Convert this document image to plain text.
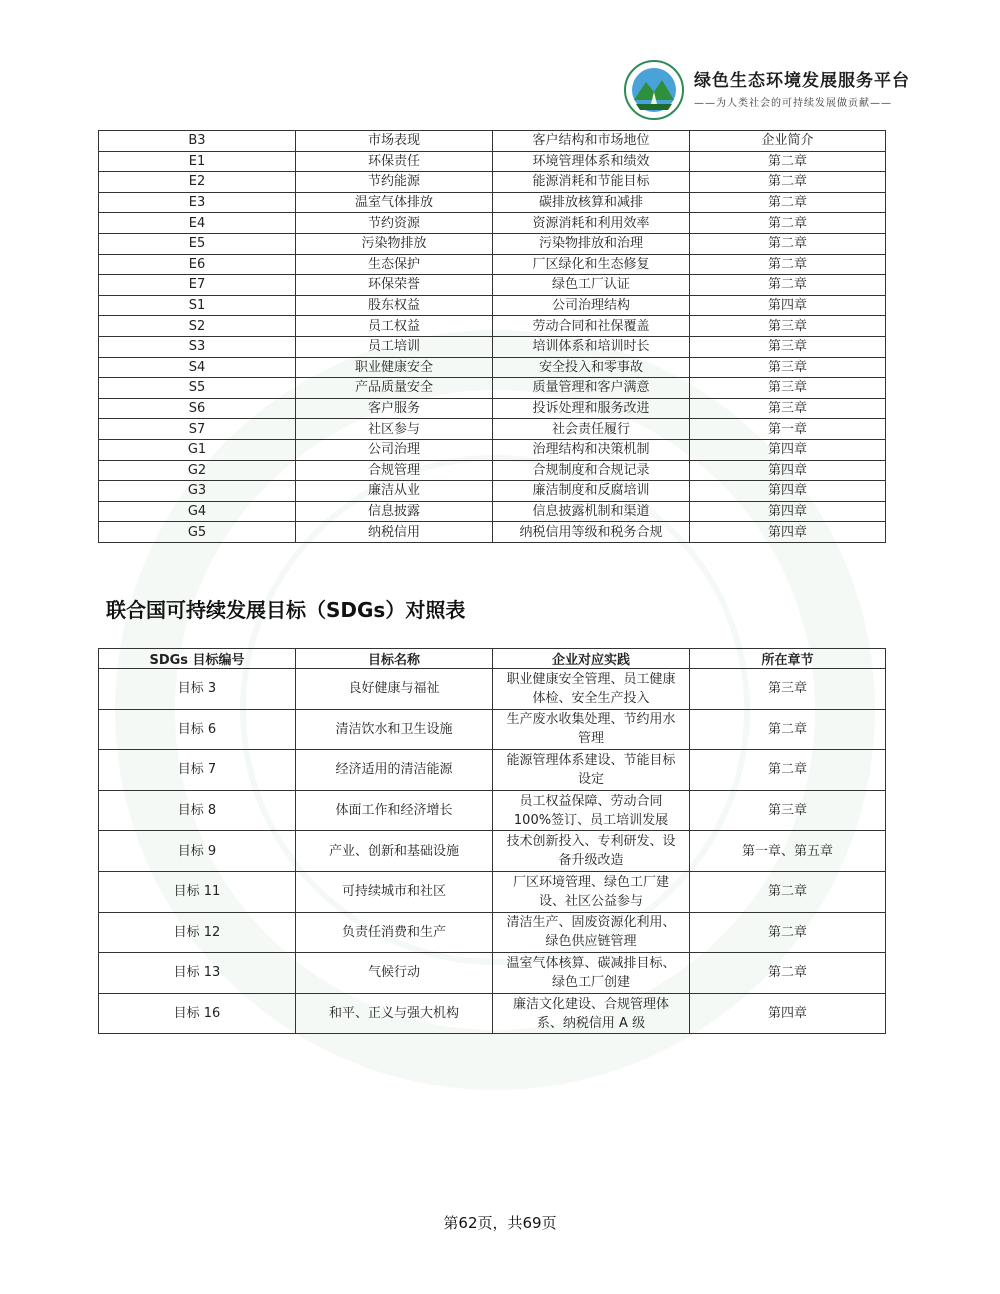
绿色生态环境发展服务平台
——为人类社会的可持续发展做贡献——
B3	市场表现	客户结构和市场地位	企业简介
E1	环保责任	环境管理体系和绩效	第二章
E2	节约能源	能源消耗和节能目标	第二章
E3	温室气体排放	碳排放核算和减排	第二章
E4	节约资源	资源消耗和利用效率	第二章
E5	污染物排放	污染物排放和治理	第二章
E6	生态保护	厂区绿化和生态修复	第二章
E7	环保荣誉	绿色工厂认证	第二章
S1	股东权益	公司治理结构	第四章
S2	员工权益	劳动合同和社保覆盖	第三章
S3	员工培训	培训体系和培训时长	第三章
S4	职业健康安全	安全投入和零事故	第三章
S5	产品质量安全	质量管理和客户满意	第三章
S6	客户服务	投诉处理和服务改进	第三章
S7	社区参与	社会责任履行	第一章
G1	公司治理	治理结构和决策机制	第四章
G2	合规管理	合规制度和合规记录	第四章
G3	廉洁从业	廉洁制度和反腐培训	第四章
G4	信息披露	信息披露机制和渠道	第四章
G5	纳税信用	纳税信用等级和税务合规	第四章
联合国可持续发展目标（SDGs）对照表
SDGs 目标编号	目标名称	企业对应实践	所在章节
目标 3	良好健康与福祉	职业健康安全管理、员工健康体检、安全生产投入	第三章
目标 6	清洁饮水和卫生设施	生产废水收集处理、节约用水管理	第二章
目标 7	经济适用的清洁能源	能源管理体系建设、节能目标设定	第二章
目标 8	体面工作和经济增长	员工权益保障、劳动合同100%签订、员工培训发展	第三章
目标 9	产业、创新和基础设施	技术创新投入、专利研发、设备升级改造	第一章、第五章
目标 11	可持续城市和社区	厂区环境管理、绿色工厂建设、社区公益参与	第二章
目标 12	负责任消费和生产	清洁生产、固废资源化利用、绿色供应链管理	第二章
目标 13	气候行动	温室气体核算、碳减排目标、绿色工厂创建	第二章
目标 16	和平、正义与强大机构	廉洁文化建设、合规管理体系、纳税信用 A 级	第四章
第62页，共69页
